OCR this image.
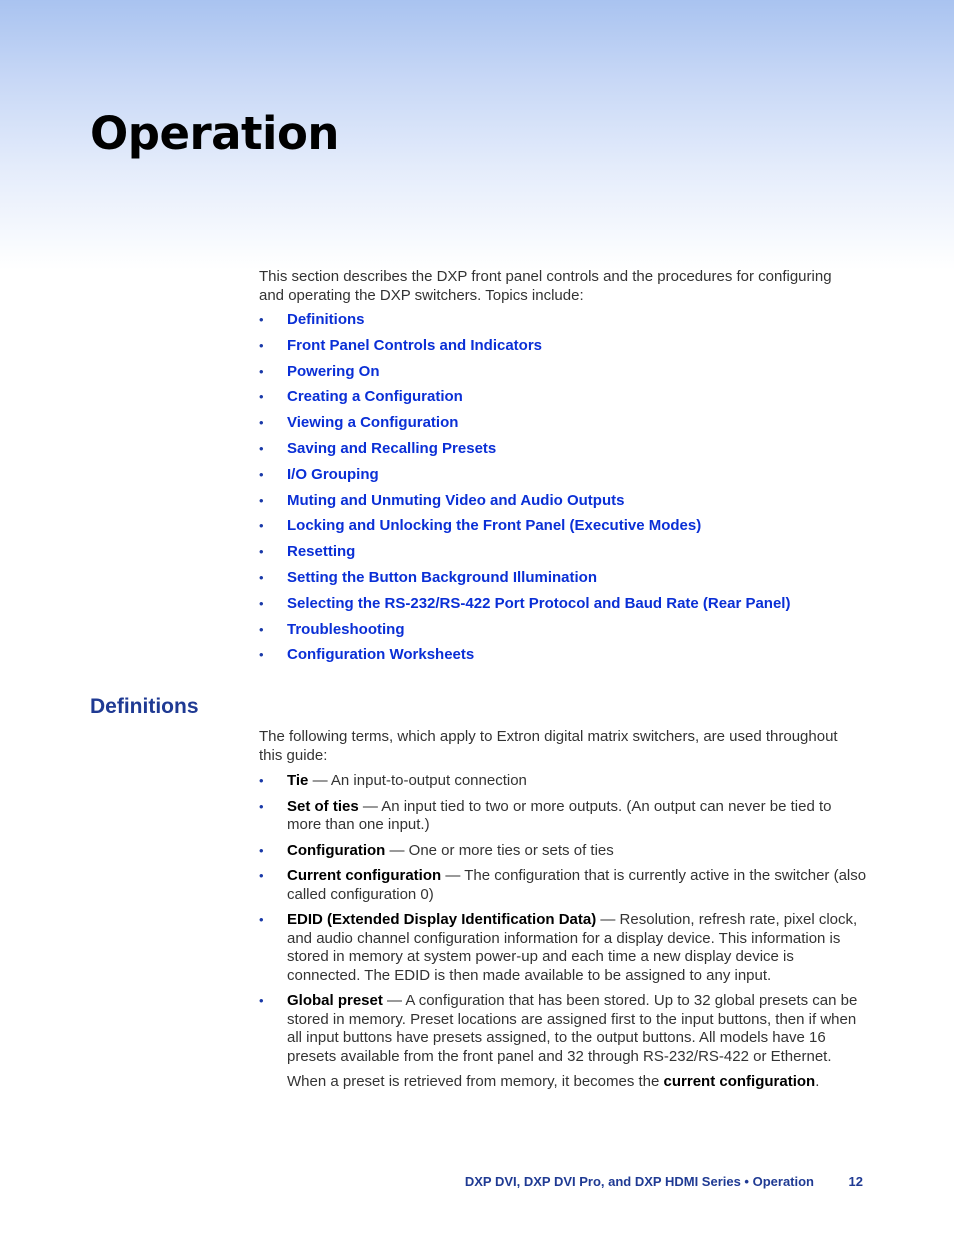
Operation

This section describes the DXP front panel controls and the procedures for configuring and operating the DXP switchers. Topics include:

• Definitions
• Front Panel Controls and Indicators
• Powering On
• Creating a Configuration
• Viewing a Configuration
• Saving and Recalling Presets
• I/O Grouping
• Muting and Unmuting Video and Audio Outputs
• Locking and Unlocking the Front Panel (Executive Modes)
• Resetting
• Setting the Button Background Illumination
• Selecting the RS-232/RS-422 Port Protocol and Baud Rate (Rear Panel)
• Troubleshooting
• Configuration Worksheets
Definitions

The following terms, which apply to Extron digital matrix switchers, are used throughout this guide:

• Tie — An input-to-output connection
• Set of ties — An input tied to two or more outputs. (An output can never be tied to more than one input.)
• Configuration — One or more ties or sets of ties
• Current configuration — The configuration that is currently active in the switcher (also called configuration 0)
• EDID (Extended Display Identification Data) — Resolution, refresh rate, pixel clock, and audio channel configuration information for a display device. This information is stored in memory at system power-up and each time a new display device is connected. The EDID is then made available to be assigned to any input.
• Global preset — A configuration that has been stored. Up to 32 global presets can be stored in memory. Preset locations are assigned first to the input buttons, then if when all input buttons have presets assigned, to the output buttons. All models have 16 presets available from the front panel and 32 through RS-232/RS-422 or Ethernet.

When a preset is retrieved from memory, it becomes the current configuration.

DXP DVI, DXP DVI Pro, and DXP HDMI Series • Operation	12
